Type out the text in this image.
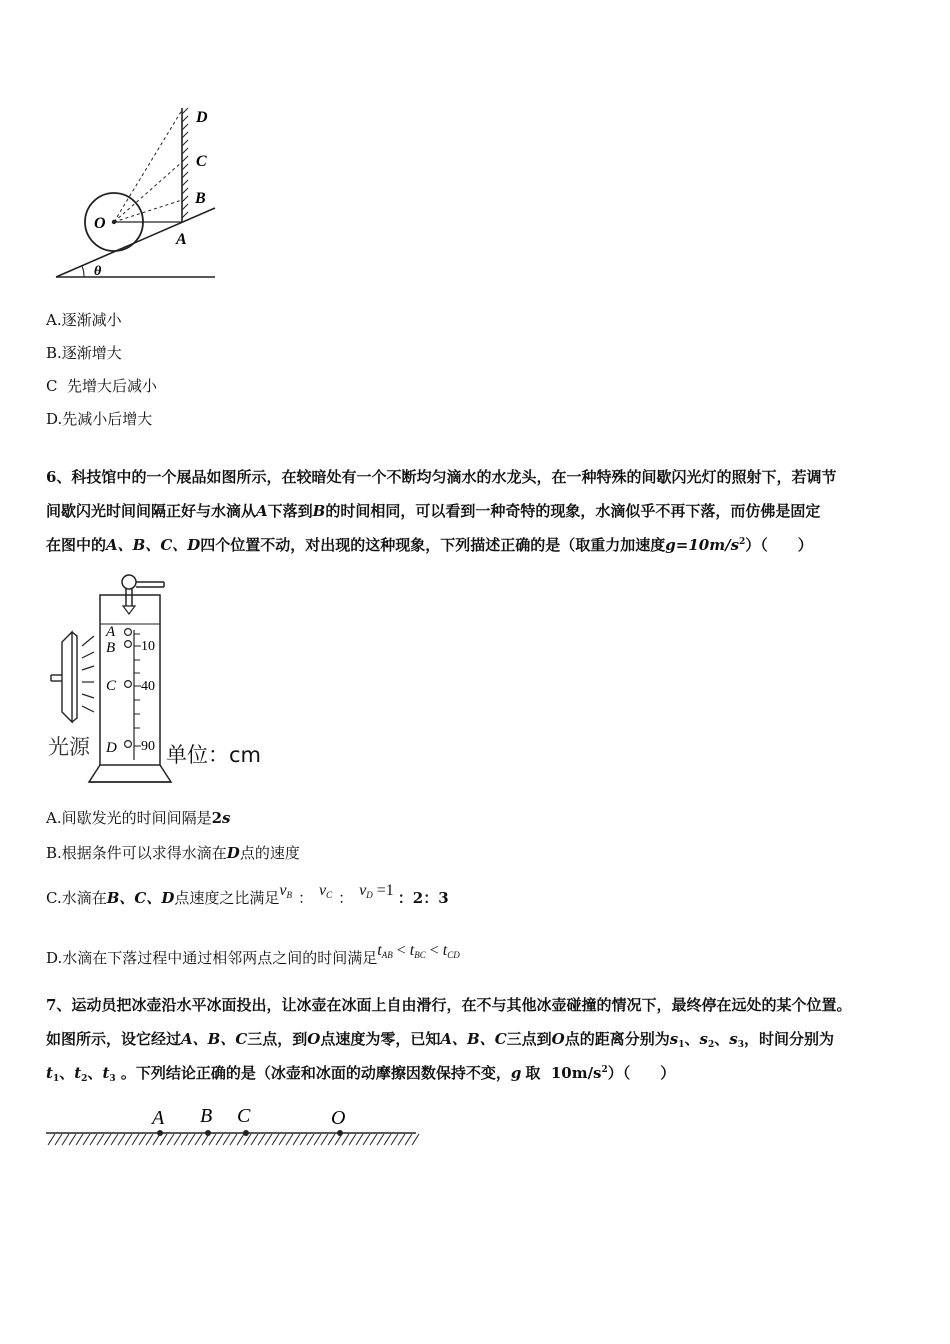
D
C
B
O
A
θ
A.逐渐减小
B.逐渐增大
C  先增大后减小
D.先减小后增大
6、科技馆中的一个展品如图所示，在较暗处有一个不断均匀滴水的水龙头，在一种特殊的间歇闪光灯的照射下，若调节
间歇闪光时间间隔正好与水滴从A下落到B的时间相同，可以看到一种奇特的现象，水滴似乎不再下落，而仿佛是固定
在图中的A、B、C、D四个位置不动，对出现的这种现象，下列描述正确的是（取重力加速度$g=10m/s^2$）（　　）
10
40
90
A
B
C
D
光源	单位：cm
A.间歇发光的时间间隔是2s
B.根据条件可以求得水滴在D点的速度
C.水滴在B、C、D点速度之比满足$v_B$ ： $v_C$ ： $v_D =1$ ：2：3
D.水滴在下落过程中通过相邻两点之间的时间满足$t_{AB} < t_{BC} < t_{CD}$
7、运动员把冰壶沿水平冰面投出，让冰壶在冰面上自由滑行，在不与其他冰壶碰撞的情况下，最终停在远处的某个位置。
如图所示，设它经过A、B、C三点，到O点速度为零，已知A、B、C三点到O点的距离分别为$s_1$、$s_2$、$s_3$，时间分别为
$t_1$、$t_2$、$t_3$ 。下列结论正确的是（冰壶和冰面的动摩擦因数保持不变，g 取  $10m/s^2$）（　　）
A B C	O
